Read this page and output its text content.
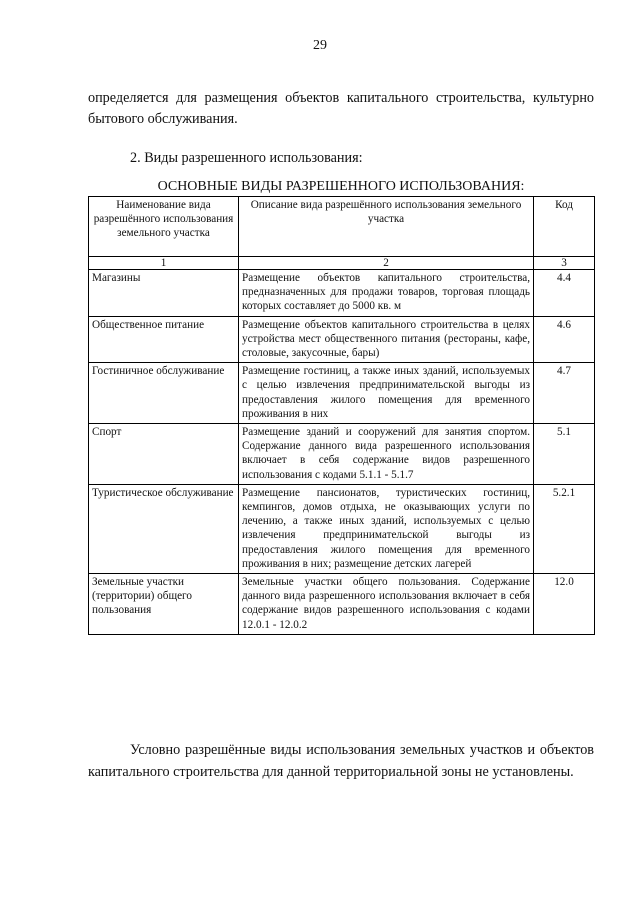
29

определяется для размещения объектов капитального строительства, культурно бытового обслуживания.

2. Виды разрешенного использования:

ОСНОВНЫЕ ВИДЫ РАЗРЕШЕННОГО ИСПОЛЬЗОВАНИЯ:

Наименование вида разрешённого использования земельного участка	Описание вида разрешённого использования земельного участка	Код
1	2	3
Магазины	Размещение объектов капитального строительства, предназначенных для продажи товаров, торговая площадь которых составляет до 5000 кв. м	4.4
Общественное питание	Размещение объектов капитального строительства в целях устройства мест общественного питания (рестораны, кафе, столовые, закусочные, бары)	4.6
Гостиничное обслуживание	Размещение гостиниц, а также иных зданий, используемых с целью извлечения предпринимательской выгоды из предоставления жилого помещения для временного проживания в них	4.7
Спорт	Размещение зданий и сооружений для занятия спортом. Содержание данного вида разрешенного использования включает в себя содержание видов разрешенного использования с кодами 5.1.1 - 5.1.7	5.1
Туристическое обслуживание	Размещение пансионатов, туристических гостиниц, кемпингов, домов отдыха, не оказывающих услуги по лечению, а также иных зданий, используемых с целью извлечения предпринимательской выгоды из предоставления жилого помещения для временного проживания в них; размещение детских лагерей	5.2.1
Земельные участки (территории) общего пользования	Земельные участки общего пользования. Содержание данного вида разрешенного использования включает в себя содержание видов разрешенного использования с кодами 12.0.1 - 12.0.2	12.0

Условно разрешённые виды использования земельных участков и объектов капитального строительства для данной территориальной зоны не установлены.
